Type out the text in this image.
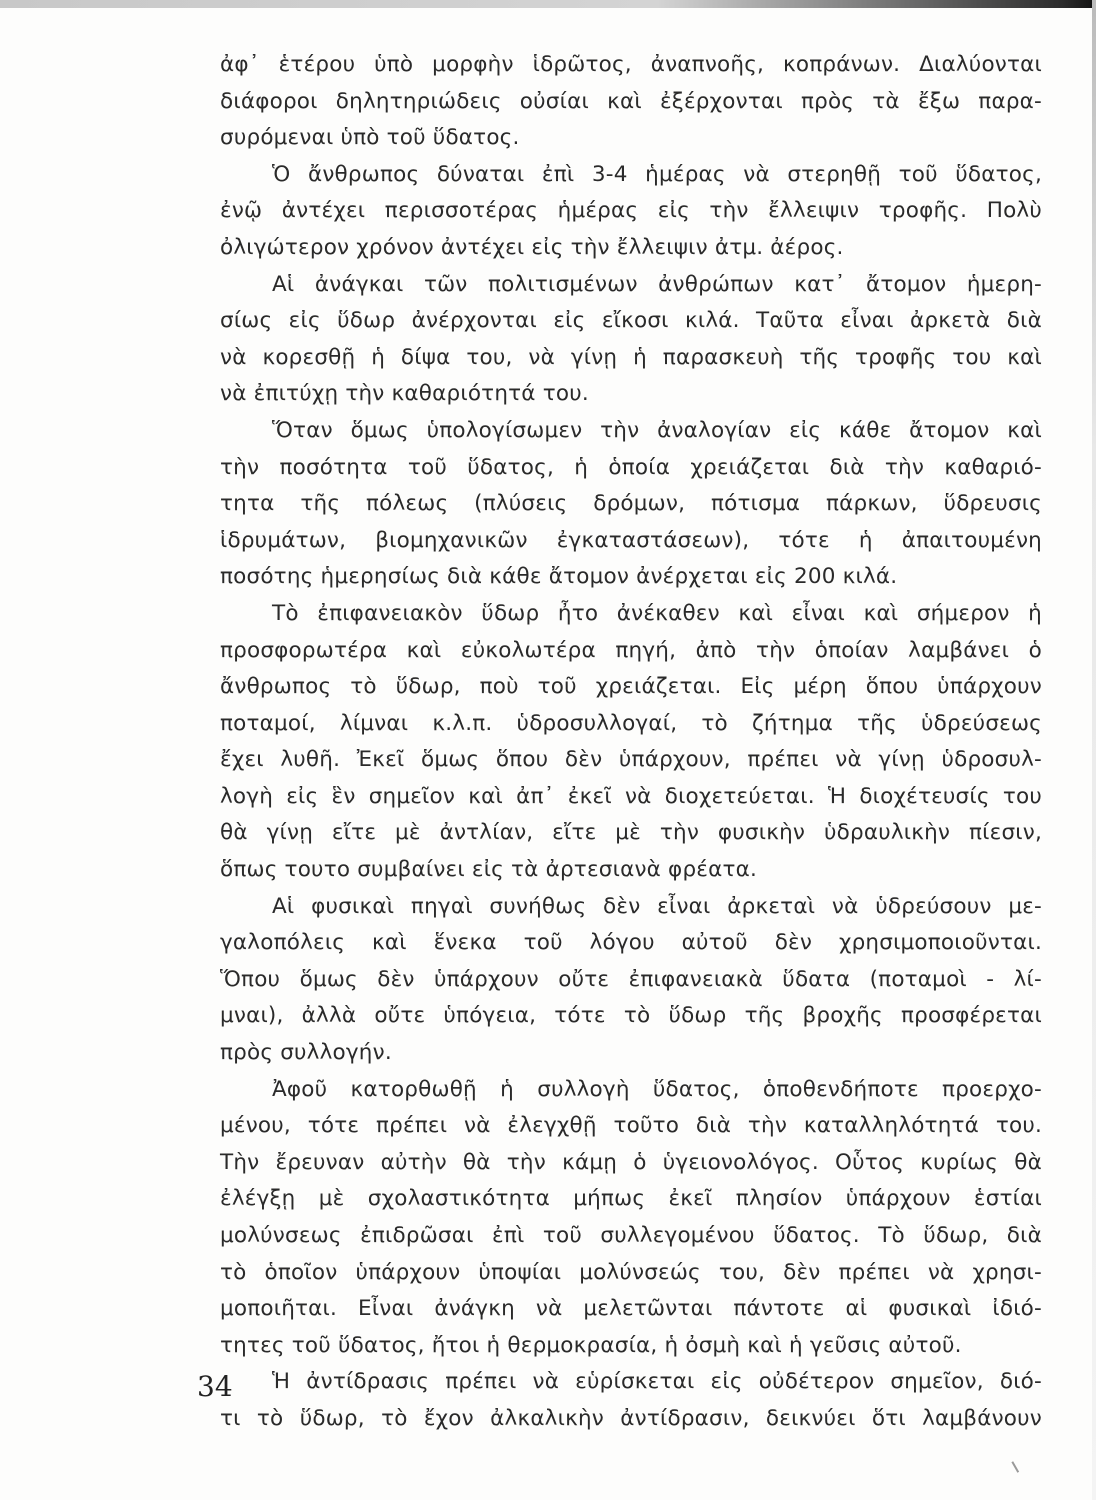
ἀφ᾽ ἑτέρου ὑπὸ μορφὴν ἱδρῶτος, ἀναπνοῆς, κοπράνων. Διαλύονται
διάφοροι δηλητηριώδεις οὐσίαι καὶ ἐξέρχονται πρὸς τὰ ἔξω παρα-
συρόμεναι ὑπὸ τοῦ ὕδατος.
Ὁ ἄνθρωπος δύναται ἐπὶ 3-4 ἡμέρας νὰ στερηθῇ τοῦ ὕδατος,
ἐνῷ ἀντέχει περισσοτέρας ἡμέρας εἰς τὴν ἔλλειψιν τροφῆς. Πολὺ
ὀλιγώτερον χρόνον ἀντέχει εἰς τὴν ἔλλειψιν ἀτμ. ἀέρος.
Αἱ ἀνάγκαι τῶν πολιτισμένων ἀνθρώπων κατ᾽ ἄτομον ἡμερη-
σίως εἰς ὕδωρ ἀνέρχονται εἰς εἴκοσι κιλά. Ταῦτα εἶναι ἀρκετὰ διὰ
νὰ κορεσθῇ ἡ δίψα του, νὰ γίνῃ ἡ παρασκευὴ τῆς τροφῆς του καὶ
νὰ ἐπιτύχῃ τὴν καθαριότητά του.
Ὅταν ὅμως ὑπολογίσωμεν τὴν ἀναλογίαν εἰς κάθε ἄτομον καὶ
τὴν ποσότητα τοῦ ὕδατος, ἡ ὁποία χρειάζεται διὰ τὴν καθαριό-
τητα τῆς πόλεως (πλύσεις δρόμων, πότισμα πάρκων, ὕδρευσις
ἱδρυμάτων, βιομηχανικῶν ἐγκαταστάσεων), τότε ἡ ἀπαιτουμένη
ποσότης ἡμερησίως διὰ κάθε ἄτομον ἀνέρχεται εἰς 200 κιλά.
Τὸ ἐπιφανειακὸν ὕδωρ ἦτο ἀνέκαθεν καὶ εἶναι καὶ σήμερον ἡ
προσφορωτέρα καὶ εὐκολωτέρα πηγή, ἀπὸ τὴν ὁποίαν λαμβάνει ὁ
ἄνθρωπος τὸ ὕδωρ, ποὺ τοῦ χρειάζεται. Εἰς μέρη ὅπου ὑπάρχουν
ποταμοί, λίμναι κ.λ.π. ὑδροσυλλογαί, τὸ ζήτημα τῆς ὑδρεύσεως
ἔχει λυθῆ. Ἐκεῖ ὅμως ὅπου δὲν ὑπάρχουν, πρέπει νὰ γίνῃ ὑδροσυλ-
λογὴ εἰς ἓν σημεῖον καὶ ἀπ᾽ ἐκεῖ νὰ διοχετεύεται. Ἡ διοχέτευσίς του
θὰ γίνῃ εἴτε μὲ ἀντλίαν, εἴτε μὲ τὴν φυσικὴν ὑδραυλικὴν πίεσιν,
ὅπως τουτο συμβαίνει εἰς τὰ ἀρτεσιανὰ φρέατα.
Αἱ φυσικαὶ πηγαὶ συνήθως δὲν εἶναι ἀρκεταὶ νὰ ὑδρεύσουν με-
γαλοπόλεις καὶ ἕνεκα τοῦ λόγου αὐτοῦ δὲν χρησιμοποιοῦνται.
Ὅπου ὅμως δὲν ὑπάρχουν οὔτε ἐπιφανειακὰ ὕδατα (ποταμοὶ - λί-
μναι), ἀλλὰ οὔτε ὑπόγεια, τότε τὸ ὕδωρ τῆς βροχῆς προσφέρεται
πρὸς συλλογήν.
Ἀφοῦ κατορθωθῇ ἡ συλλογὴ ὕδατος, ὁποθενδήποτε προερχο-
μένου, τότε πρέπει νὰ ἐλεγχθῇ τοῦτο διὰ τὴν καταλληλότητά του.
Τὴν ἔρευναν αὐτὴν θὰ τὴν κάμῃ ὁ ὑγειονολόγος. Οὗτος κυρίως θὰ
ἐλέγξῃ μὲ σχολαστικότητα μήπως ἐκεῖ πλησίον ὑπάρχουν ἑστίαι
μολύνσεως ἐπιδρῶσαι ἐπὶ τοῦ συλλεγομένου ὕδατος. Τὸ ὕδωρ, διὰ
τὸ ὁποῖον ὑπάρχουν ὑποψίαι μολύνσεώς του, δὲν πρέπει νὰ χρησι-
μοποιῆται. Εἶναι ἀνάγκη νὰ μελετῶνται πάντοτε αἱ φυσικαὶ ἰδιό-
τητες τοῦ ὕδατος, ἤτοι ἡ θερμοκρασία, ἡ ὀσμὴ καὶ ἡ γεῦσις αὐτοῦ.
Ἡ ἀντίδρασις πρέπει νὰ εὑρίσκεται εἰς οὐδέτερον σημεῖον, διό-
τι τὸ ὕδωρ, τὸ ἔχον ἀλκαλικὴν ἀντίδρασιν, δεικνύει ὅτι λαμβάνουν
34
